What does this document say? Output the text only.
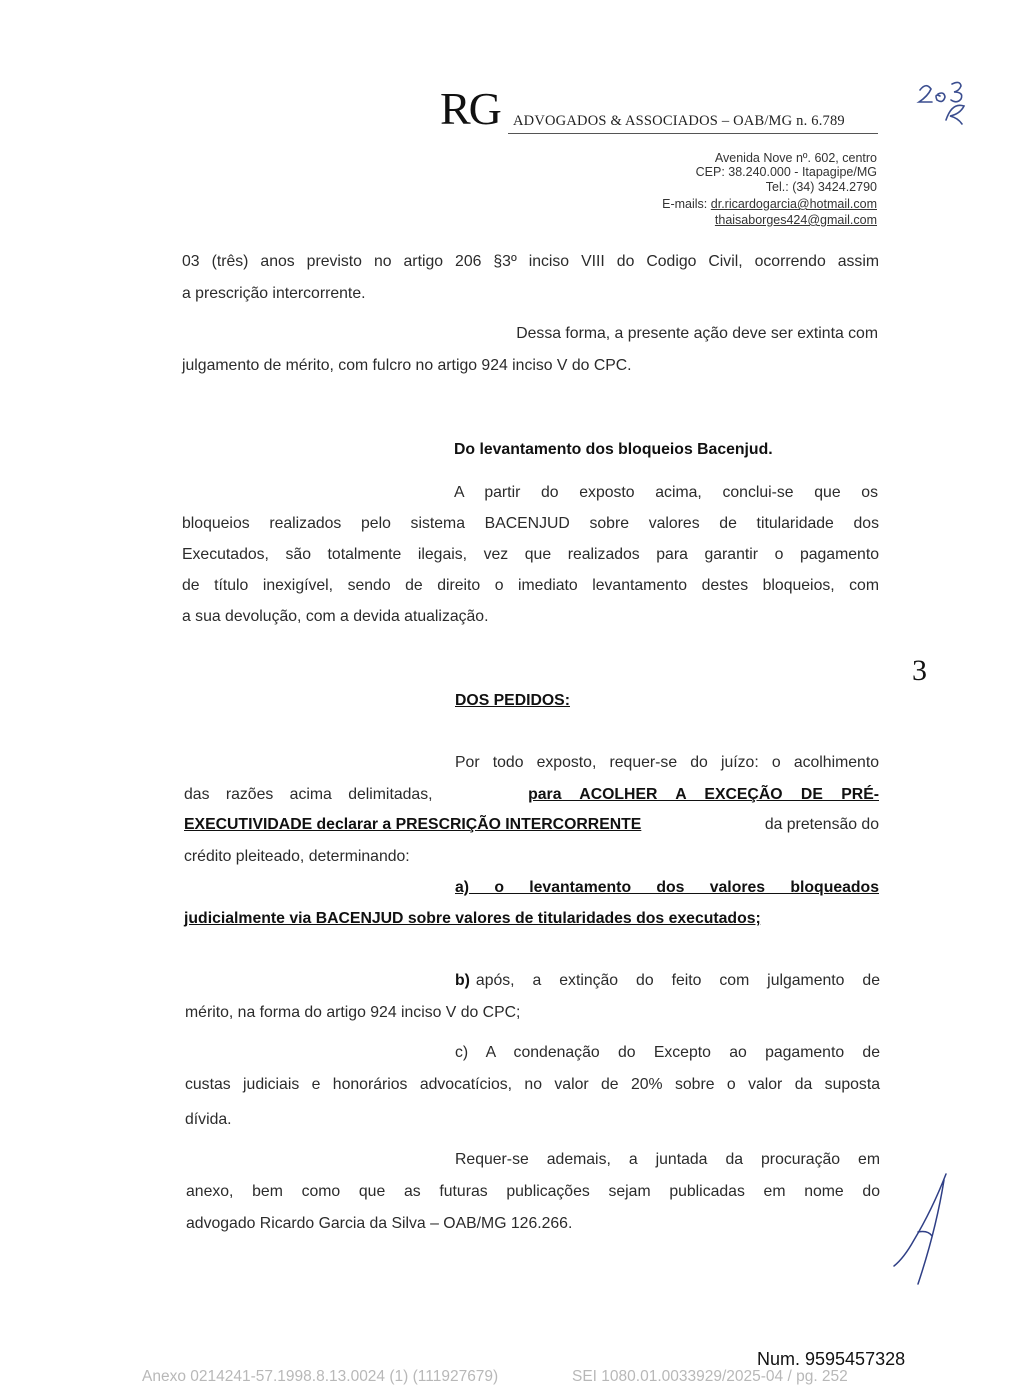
RG ADVOGADOS & ASSOCIADOS – OAB/MG n. 6.789
Avenida Nove nº. 602, centro
CEP: 38.240.000 - Itapagipe/MG
Tel.: (34) 3424.2790
E-mails: dr.ricardogarcia@hotmail.com
thaisaborges424@gmail.com
03 (três) anos previsto no artigo 206 §3º inciso VIII do Codigo Civil, ocorrendo assim
a prescrição intercorrente.
Dessa forma, a presente ação deve ser extinta com
julgamento de mérito, com fulcro no artigo 924 inciso V do CPC.
Do levantamento dos bloqueios Bacenjud.
A partir do exposto acima, conclui-se que os
bloqueios realizados pelo sistema BACENJUD sobre valores de titularidade dos
Executados, são totalmente ilegais, vez que realizados para garantir o pagamento
de título inexigível, sendo de direito o imediato levantamento destes bloqueios, com
a sua devolução, com a devida atualização.
3
DOS PEDIDOS:
Por todo exposto, requer-se do juízo: o acolhimento
das razões acima delimitadas,	para ACOLHER A EXCEÇÃO DE PRÉ-
EXECUTIVIDADE declarar a PRESCRIÇÃO INTERCORRENTE	da pretensão do
crédito pleiteado, determinando:
a) o levantamento dos valores bloqueados
judicialmente via BACENJUD sobre valores de titularidades dos executados;
b) após, a extinção do feito com julgamento de
mérito, na forma do artigo 924 inciso V do CPC;
c) A condenação do Excepto ao pagamento de
custas judiciais e honorários advocatícios, no valor de 20% sobre o valor da suposta
dívida.
Requer-se ademais, a juntada da procuração em
anexo, bem como que as futuras publicações sejam publicadas em nome do
advogado Ricardo Garcia da Silva – OAB/MG 126.266.
Num. 9595457328
Anexo 0214241-57.1998.8.13.0024 (1) (111927679)	SEI 1080.01.0033929/2025-04 / pg. 252
